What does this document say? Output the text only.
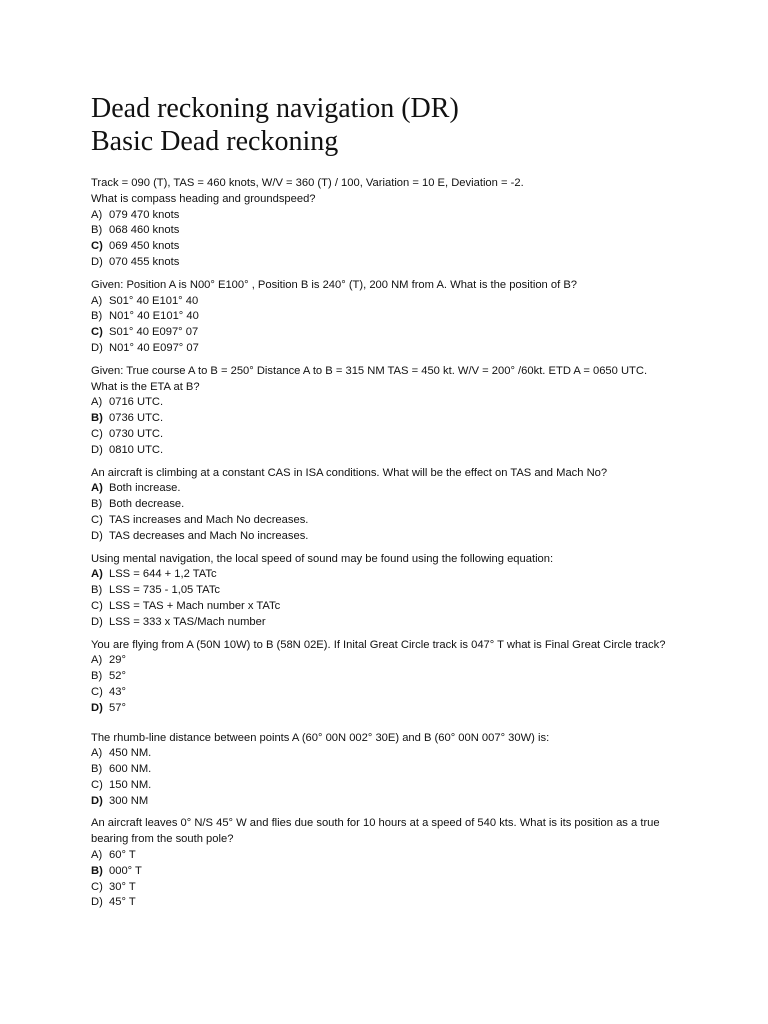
Dead reckoning navigation (DR)
Basic Dead reckoning
Track = 090 (T), TAS = 460 knots, W/V = 360 (T) / 100, Variation = 10 E, Deviation = -2.
What is compass heading and groundspeed?
A) 079 470 knots
B) 068 460 knots
C) 069 450 knots
D) 070 455 knots
Given: Position A is N00° E100° , Position B is 240° (T), 200 NM from A. What is the position of B?
A) S01° 40 E101° 40
B) N01° 40 E101° 40
C) S01° 40 E097° 07
D) N01° 40 E097° 07
Given: True course A to B = 250° Distance A to B = 315 NM TAS = 450 kt. W/V = 200° /60kt. ETD A = 0650 UTC.
What is the ETA at B?
A) 0716 UTC.
B) 0736 UTC.
C) 0730 UTC.
D) 0810 UTC.
An aircraft is climbing at a constant CAS in ISA conditions. What will be the effect on TAS and Mach No?
A) Both increase.
B) Both decrease.
C) TAS increases and Mach No decreases.
D) TAS decreases and Mach No increases.
Using mental navigation, the local speed of sound may be found using the following equation:
A) LSS = 644 + 1,2 TATc
B) LSS = 735 - 1,05 TATc
C) LSS = TAS + Mach number x TATc
D) LSS = 333 x TAS/Mach number
You are flying from A (50N 10W) to B (58N 02E). If Inital Great Circle track is 047° T what is Final Great Circle track?
A) 29°
B) 52°
C) 43°
D) 57°
The rhumb-line distance between points A (60° 00N 002° 30E) and B (60° 00N 007° 30W) is:
A) 450 NM.
B) 600 NM.
C) 150 NM.
D) 300 NM
An aircraft leaves 0° N/S 45° W and flies due south for 10 hours at a speed of 540 kts. What is its position as a true
bearing from the south pole?
A) 60° T
B) 000° T
C) 30° T
D) 45° T
